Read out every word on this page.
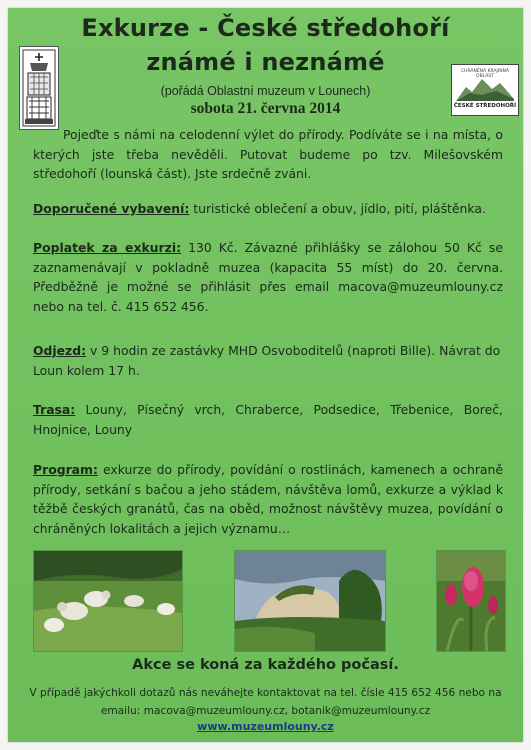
Exkurze - České středohoří
známé i neznámé	CHRÁNĚNÁ KRAJINNÁ OBLAST
ČESKÉ STŘEDOHOŘÍ
(pořádá Oblastní muzeum v Lounech)
sobota 21. června 2014

Pojeďte s námi na celodenní výlet do přírody. Podíváte se i na místa, o kterých jste třeba nevěděli. Putovat budeme po tzv. Milešovském středohoří (lounská část). Jste srdečně zváni.

Doporučené vybavení: turistické oblečení a obuv, jídlo, pití, pláštěnka.

Poplatek za exkurzi: 130 Kč. Závazné přihlášky se zálohou 50 Kč se zaznamenávají v pokladně muzea (kapacita 55 míst) do 20. června. Předběžně je možné se přihlásit přes email macova@muzeumlouny.cz nebo na tel. č. 415 652 456.

Odjezd: v 9 hodin ze zastávky MHD Osvoboditelů (naproti Bille). Návrat do Loun kolem 17 h.

Trasa: Louny, Písečný vrch, Chraberce, Podsedice, Třebenice, Boreč, Hnojnice, Louny

Program: exkurze do přírody, povídání o rostlinách, kamenech a ochraně přírody, setkání s bačou a jeho stádem, návštěva lomů, exkurze a výklad k těžbě českých granátů, čas na oběd, možnost návštěvy muzea, povídání o chráněných lokalitách a jejich významu…

Akce se koná za každého počasí.
V případě jakýchkoli dotazů nás neváhejte kontaktovat na tel. čísle 415 652 456 nebo na
emailu: macova@muzeumlouny.cz, botanik@muzeumlouny.cz
www.muzeumlouny.cz
